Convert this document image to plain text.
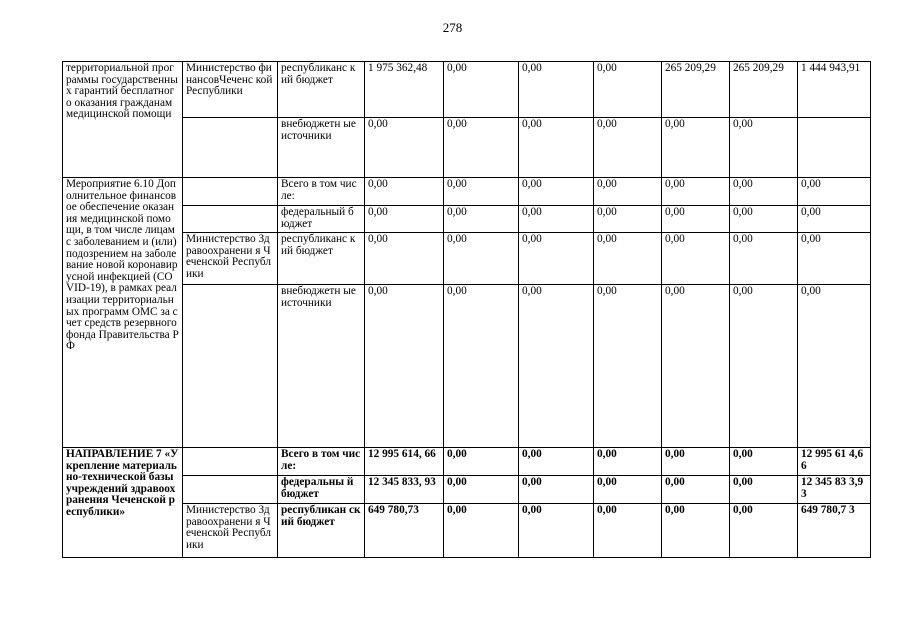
278
территориальной программы государственных гарантий бесплатного оказания гражданам медицинской помощи	Министерство финансовЧеченс кой Республики	республиканс кий бюджет	1 975 362,48	0,00	0,00	0,00	265 209,29	265 209,29	1 444 943,91
		внебюджетн ые источники	0,00	0,00	0,00	0,00	0,00	0,00	
Мероприятие 6.10 Дополнительное финансовое обеспечение оказания медицинской помощи, в том числе лицам с заболеванием и (или) подозрением на заболевание новой коронавирусной инфекцией (COVID-19), в рамках реализации территориальных программ ОМС за счет средств резервного фонда Правительства РФ		Всего в том числе:	0,00	0,00	0,00	0,00	0,00	0,00	0,00
		федеральный бюджет	0,00	0,00	0,00	0,00	0,00	0,00	0,00
	Министерство Здравоохранени я Чеченской Республики	республиканс кий бюджет	0,00	0,00	0,00	0,00	0,00	0,00	0,00
		внебюджетн ые источники	0,00	0,00	0,00	0,00	0,00	0,00	0,00
НАПРАВЛЕНИЕ 7 «Укрепление материально-технической базы учреждений здравоохранения Чеченской республики»		Всего в том числе:	12 995 614, 66	0,00	0,00	0,00	0,00	0,00	12 995 61 4,66
		федеральны й бюджет	12 345 833, 93	0,00	0,00	0,00	0,00	0,00	12 345 83 3,93
	Министерство Здравоохранени я Чеченской Республики	республикан ский бюджет	649 780,73	0,00	0,00	0,00	0,00	0,00	649 780,7 3
